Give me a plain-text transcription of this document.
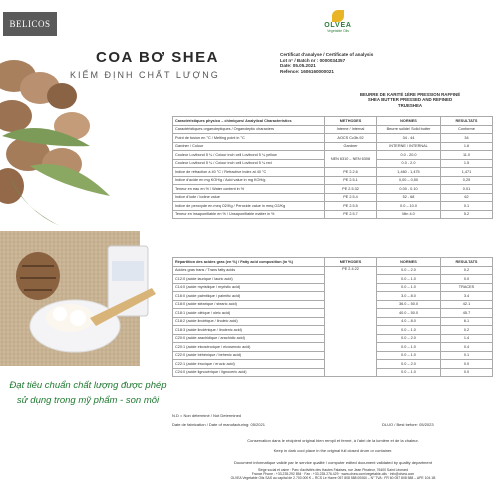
BELICOS
COA BƠ SHEA
KIỂM ĐỊNH CHẤT LƯỢNG
Đạt tiêu chuẩn chất lượng được phép sử dụng trong mỹ phẩm - son môi
OLVEA
Vegetable Oils
Certificat d'analyse / Certificate of analysis
Lot n° / Batch nr : 0000034357
Date: 05.05.2021
Refence: 1606160000021
BEURRE DE KARITÉ 1ÈRE PRESSION RAFFINÉ
SHEA BUTTER PRESSED AND REFINED
TRUESHEA
Caractéristiques physico – chimiques/ Analytical Characteristics	METHODES	NORMES	RESULTATS
Caractéristiques organoleptiques / Organoleptic characters	Interne / Internal	Beurre solide/ Solid butter	Conforme
Point de fusion en °C / Melting point in °C	AOCS Cc3b-92	34 - 44	34
Gardner / Colour	Gardner	INTERNE / INTERNAL	1.6
Couleur Lovibond 5 ¼ / Colour inch cell Lovibond 5 ¼ yellow	NEN 6310 – NEN 6308	0.0 - 20.0	11.0
Couleur Lovibond 5 ¼ / Colour inch cell Lovibond 5 ¼ red		0.0 - 2.0	1.5
Indice de réfraction à 40 °C / Refractive index at 40 °C	PE 2.2.6	1,460 - 1,475	1,471
Indice d'acide en mg KOH/g / Acid value in mg KOH/g	PE 2.5.1	0,00 – 0,50	0,25
Teneur en eau en % / Water content in %	PE 2.5.32	0.00 - 0.10	0.01
Indice d'iode / Iodine value	PE 2.5.4	52 - 68	62
Indice de peroxyde en meq O2/Kg / Peroxide value in meq O2/Kg	PE 2.5.5	0.0 – 10.0	0.1
Teneur en insaponifiable en % / Unsaponifiable matter in %	PE 2.5.7	Min 4.0	5.2
Répartition des acides gras (en %) / Fatty acid composition (in %)	METHODES	NORMES	RESULTATS
Acides gras trans / Trans fatty acids	PE 2.4.22	0.0 – 2.0	0.2
C12:0 (acide laurique / lauric acid)		0.0 – 1.0	0.0
C14:0 (acide myristique / myristic acid)		0.0 – 1.0	TRACES
C16:0 (acide palmitique / palmitic acid)		3.0 – 8.0	3.4
C18:0 (acide stéarique / stearic acid)		36.0 – 50.0	42.1
C18:1 (acide oléique / oleic acid)		40.0 – 50.0	45.7
C18:2 (acide linoléique / linoleic acid)		4.0 – 8.0	6.1
C18:3 (acide linolénique / linolenic acid)		0.0 – 1.0	0.2
C20:0 (acide arachidique / arachidic acid)		0.0 – 2.0	1.4
C20:1 (acide eicosénoique / eicosenoic acid)		0.0 – 1.0	0.4
C22:0 (acide béhénique / behenic acid)		0.0 – 1.0	0.1
C22:1 (acide érucique / erucic acid)		0.0 – 2.0	0.0
C24:0 (acide lignocérique / lignoceric acid)		0.0 – 1.0	0.0
N.D = Non déterminé / Not Determined
Date de fabrication / Date of manufacturing: 05/2021	DLUO / Best before: 05/2023
Conservation dans le récipient original bien rempli et fermé, à l'abri de la lumière et de la chaleur.
Keep in dark cool place in the original full closed drum or container.
Document informatique validé par le service qualité / computer edited document validated by quality department
Siège social et usine : Parc d'activités des Hautes Falaises, rue Jean Pinateur, 76400 Saint Léonard
France Phone : +33.235.292 854 · Fax : +33.235.276.429 · www.olvea.com/vegetable-oils · info@olvea.com
OLVEA Vegetable Oils SAS au capital de 2.700.000 € – RCS Le Havre 057 808 588 00060 – N° TVA : FR 60 057 808 588 – APE 104.1B
